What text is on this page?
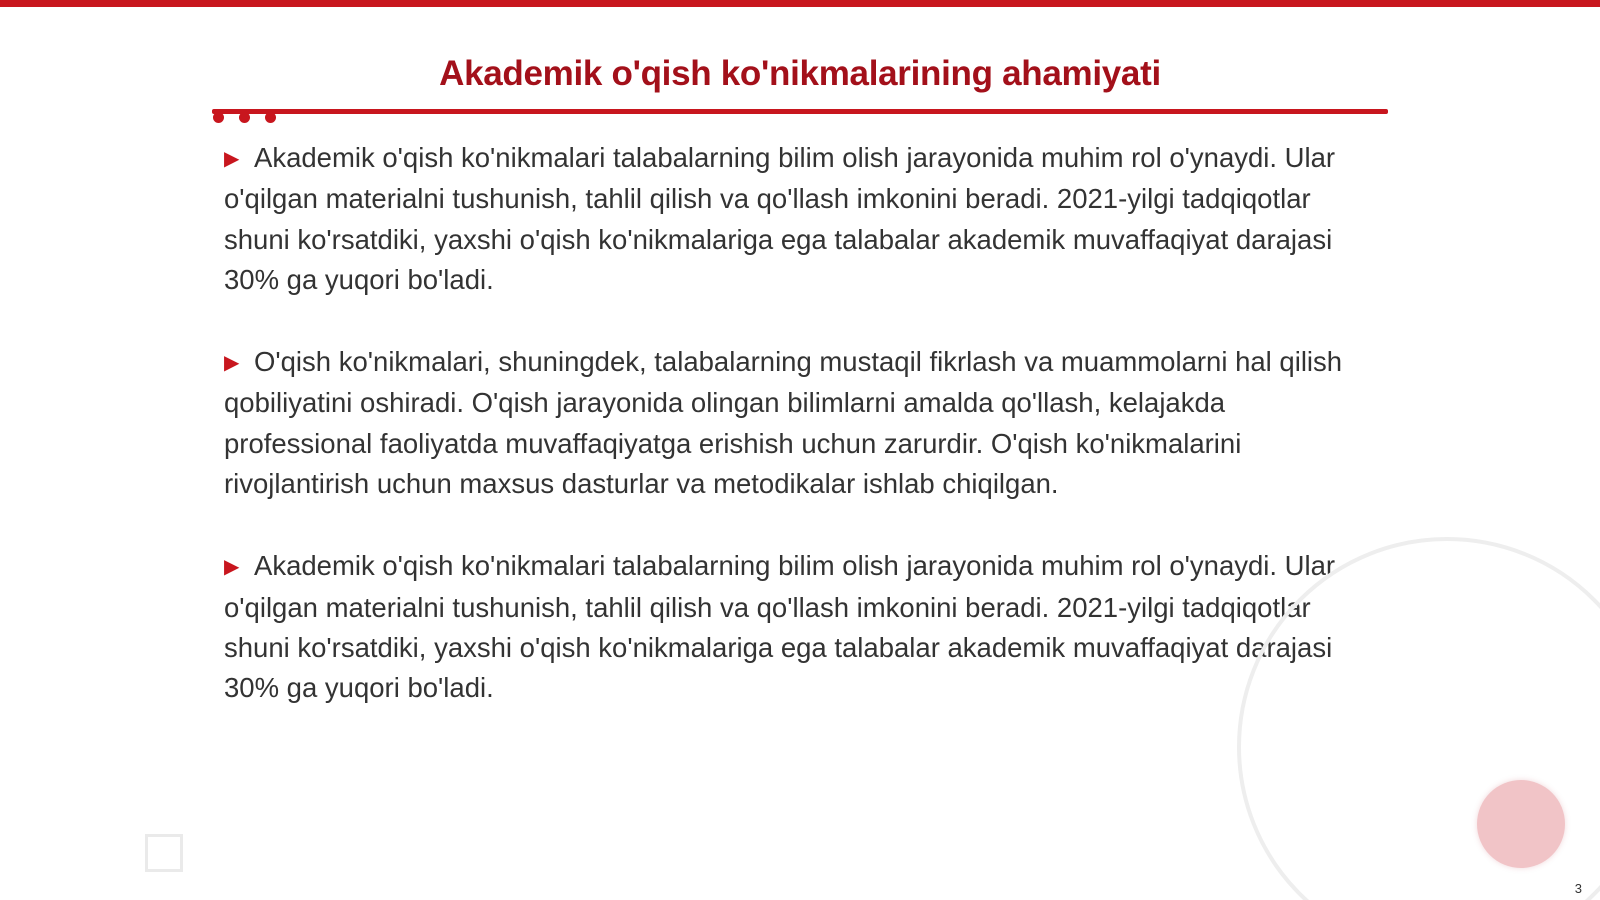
Akademik o'qish ko'nikmalarining ahamiyati

▶ Akademik o'qish ko'nikmalari talabalarning bilim olish jarayonida muhim rol o'ynaydi. Ular o'qilgan materialni tushunish, tahlil qilish va qo'llash imkonini beradi. 2021-yilgi tadqiqotlar shuni ko'rsatdiki, yaxshi o'qish ko'nikmalariga ega talabalar akademik muvaffaqiyat darajasi 30% ga yuqori bo'ladi.

▶ O'qish ko'nikmalari, shuningdek, talabalarning mustaqil fikrlash va muammolarni hal qilish qobiliyatini oshiradi. O'qish jarayonida olingan bilimlarni amalda qo'llash, kelajakda professional faoliyatda muvaffaqiyatga erishish uchun zarurdir. O'qish ko'nikmalarini rivojlantirish uchun maxsus dasturlar va metodikalar ishlab chiqilgan.

▶ Akademik o'qish ko'nikmalari talabalarning bilim olish jarayonida muhim rol o'ynaydi. Ular o'qilgan materialni tushunish, tahlil qilish va qo'llash imkonini beradi. 2021-yilgi tadqiqotlar shuni ko'rsatdiki, yaxshi o'qish ko'nikmalariga ega talabalar akademik muvaffaqiyat darajasi 30% ga yuqori bo'ladi.

3
